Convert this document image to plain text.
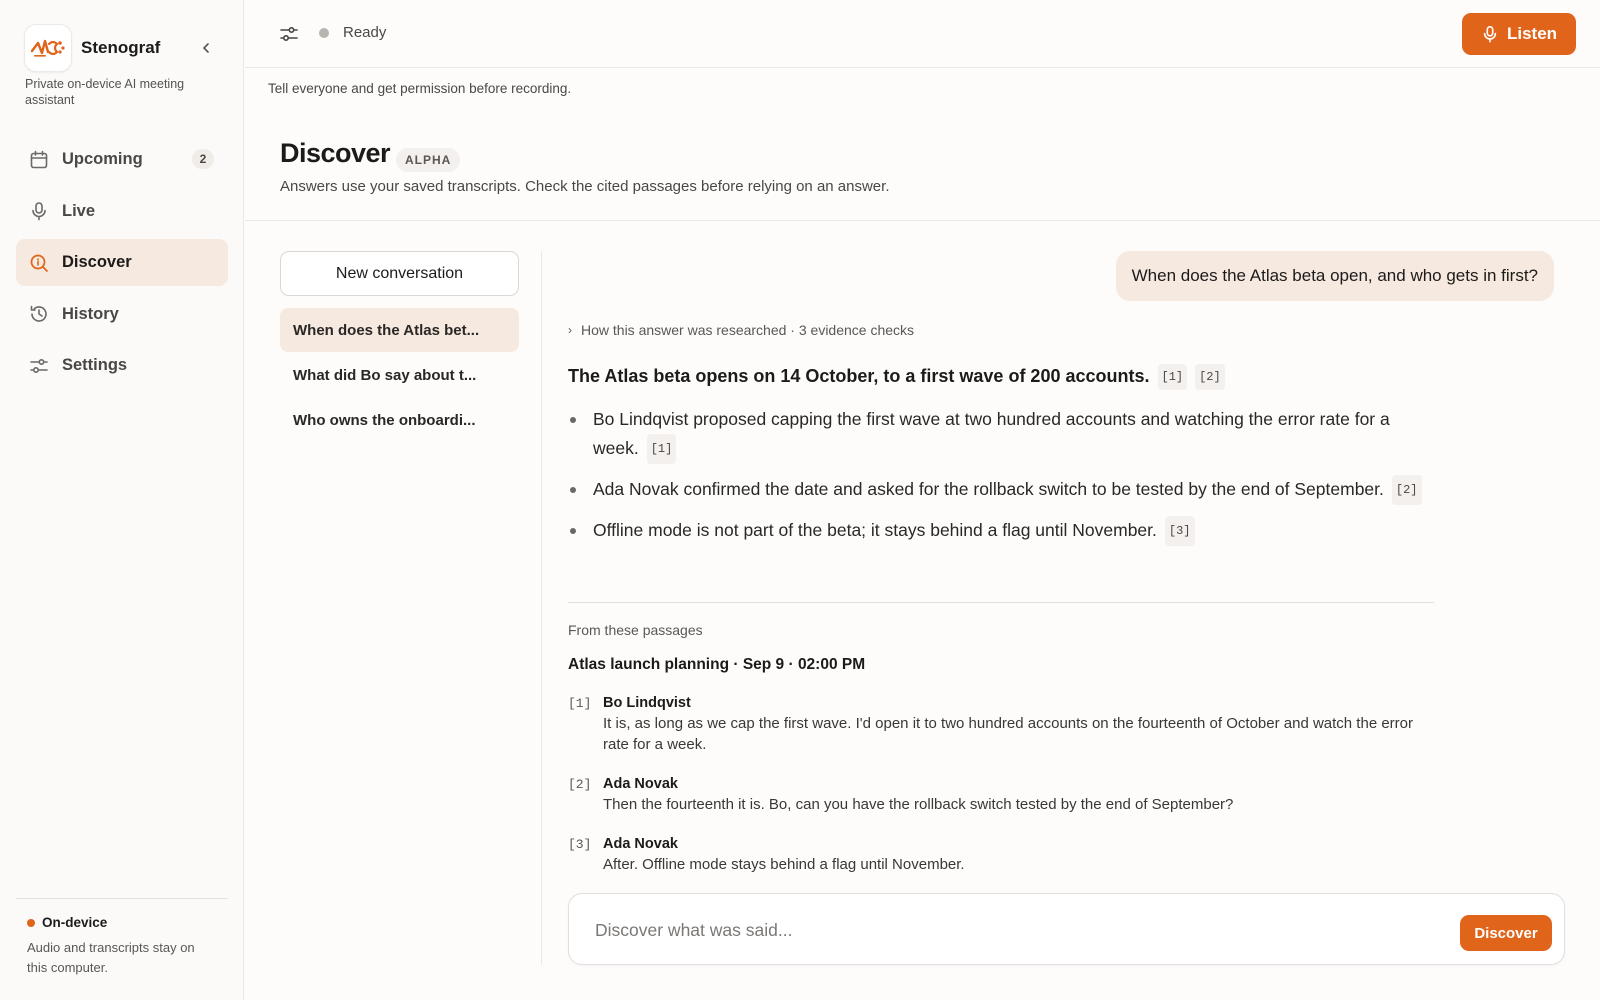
Stenograf
Private on-device AI meeting assistant
Upcoming	2
Live
Discover
History
Settings
On-device
Audio and transcripts stay on this computer.
Ready	Listen
Tell everyone and get permission before recording.
Discover	ALPHA

Answers use your saved transcripts. Check the cited passages before relying on an answer.

New conversation
When does the Atlas bet...
What did Bo say about t...
Who owns the onboardi...
When does the Atlas beta open, and who gets in first?
› How this answer was researched · 3 evidence checks
The Atlas beta opens on 14 October, to a first wave of 200 accounts. [1] [2]
Bo Lindqvist proposed capping the first wave at two hundred accounts and watching the error rate for a week. [1]
Ada Novak confirmed the date and asked for the rollback switch to be tested by the end of September. [2]
Offline mode is not part of the beta; it stays behind a flag until November. [3]
From these passages
Atlas launch planning · Sep 9 · 02:00 PM
[1] Bo Lindqvist
It is, as long as we cap the first wave. I'd open it to two hundred accounts on the fourteenth of October and watch the error rate for a week.
[2] Ada Novak
Then the fourteenth it is. Bo, can you have the rollback switch tested by the end of September?
[3] Ada Novak
After. Offline mode stays behind a flag until November.
Discover what was said...
Discover
